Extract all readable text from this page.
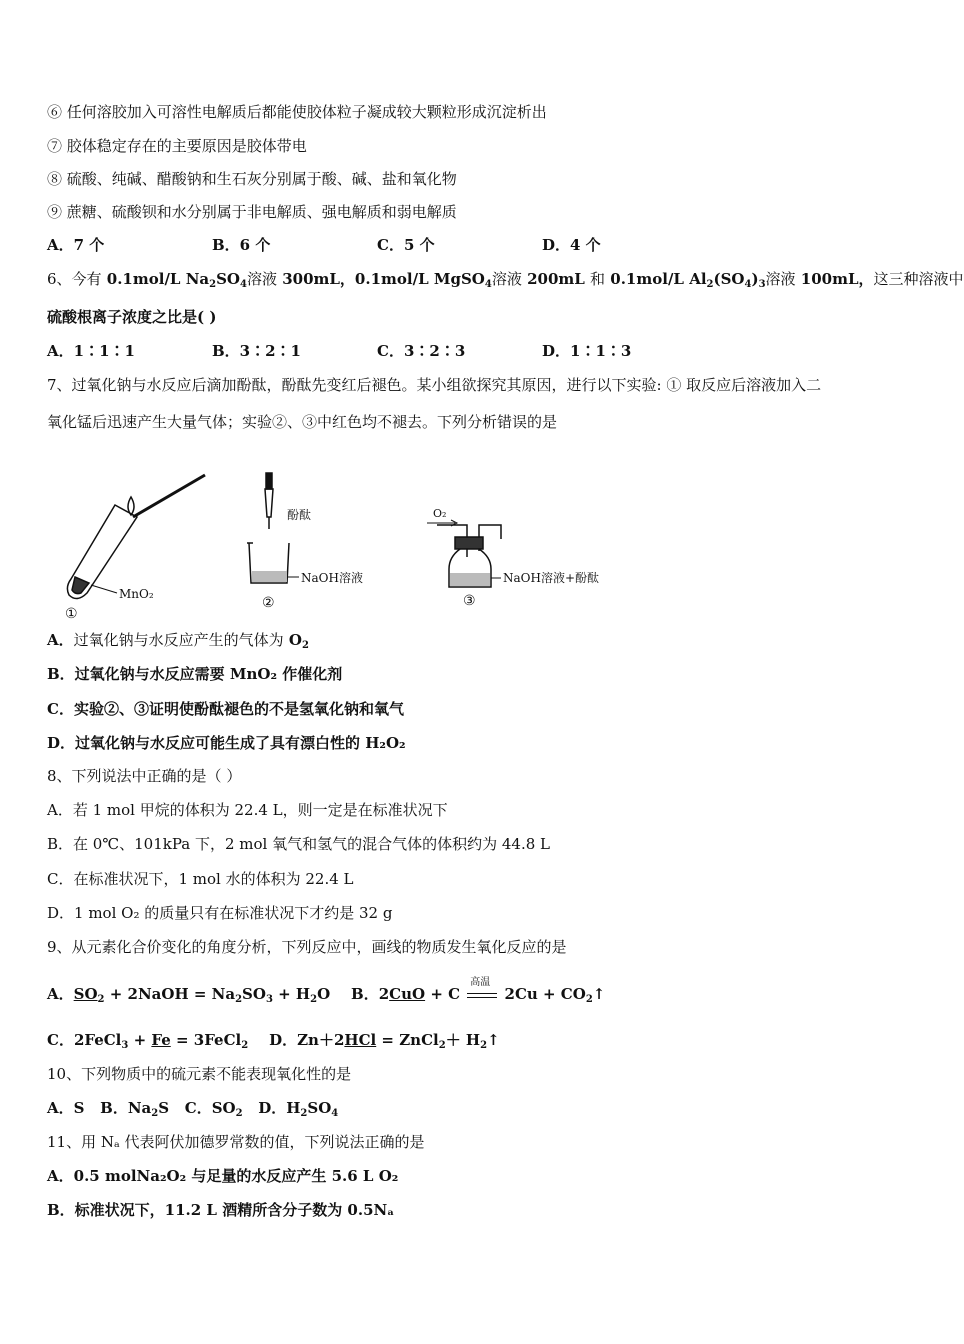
⑥ 任何溶胶加入可溶性电解质后都能使胶体粒子凝成较大颗粒形成沉淀析出
⑦ 胶体稳定存在的主要原因是胶体带电
⑧ 硫酸、纯碱、醋酸钠和生石灰分别属于酸、碱、盐和氧化物
⑨ 蔗糖、硫酸钡和水分别属于非电解质、强电解质和弱电解质
A．7 个	B．6 个	C．5 个	D．4 个
6、今有 0.1mol/L $Na_2SO_4$溶液 300mL，0.1mol/L MgSO$_4$溶液 200mL 和 0.1mol/L $Al_2(SO_4)_3$溶液 100mL，这三种溶液中
硫酸根离子浓度之比是( )
A．1∶1∶1	B．3∶2∶1	C．3∶2∶3	D．1∶1∶3
7、过氧化钠与水反应后滴加酚酞，酚酞先变红后褪色。某小组欲探究其原因，进行以下实验: ① 取反应后溶液加入二
氧化锰后迅速产生大量气体；实验②、③中红色均不褪去。下列分析错误的是
MnO₂
①
酚酞
NaOH溶液
②
O₂
NaOH溶液+酚酞
③
A．过氧化钠与水反应产生的气体为 $O_2$
B．过氧化钠与水反应需要 MnO₂ 作催化剂
C．实验②、③证明使酚酞褪色的不是氢氧化钠和氧气
D．过氧化钠与水反应可能生成了具有漂白性的 H₂O₂
8、下列说法中正确的是（ ）
A．若 1 mol 甲烷的体积为 22.4 L，则一定是在标准状况下
B．在 0℃、101kPa 下，2 mol 氧气和氢气的混合气体的体积约为 44.8 L
C．在标准状况下，1 mol 水的体积为 22.4 L
D．1 mol O₂ 的质量只有在标准状况下才约是 32 g
9、从元素化合价变化的角度分析，下列反应中，画线的物质发生氧化反应的是
A．$SO_2$ + 2NaOH = $Na_2SO_3 + H_2O$ B．2CuO + C
高温
$2Cu + CO_2↑$
C．2FeCl$_3$ + Fe = 3FeCl$_2$ D．Zn＋2HCl = ZnCl$_2$＋ $H_2↑$
10、下列物质中的硫元素不能表现氧化性的是
A．S B．$Na_2S$ C．$SO_2$ D．$H_2SO_4$
11、用 Nₐ 代表阿伏加德罗常数的值，下列说法正确的是
A．0.5 molNa₂O₂ 与足量的水反应产生 5.6 L O₂
B．标准状况下，11.2 L 酒精所含分子数为 0.5Nₐ
